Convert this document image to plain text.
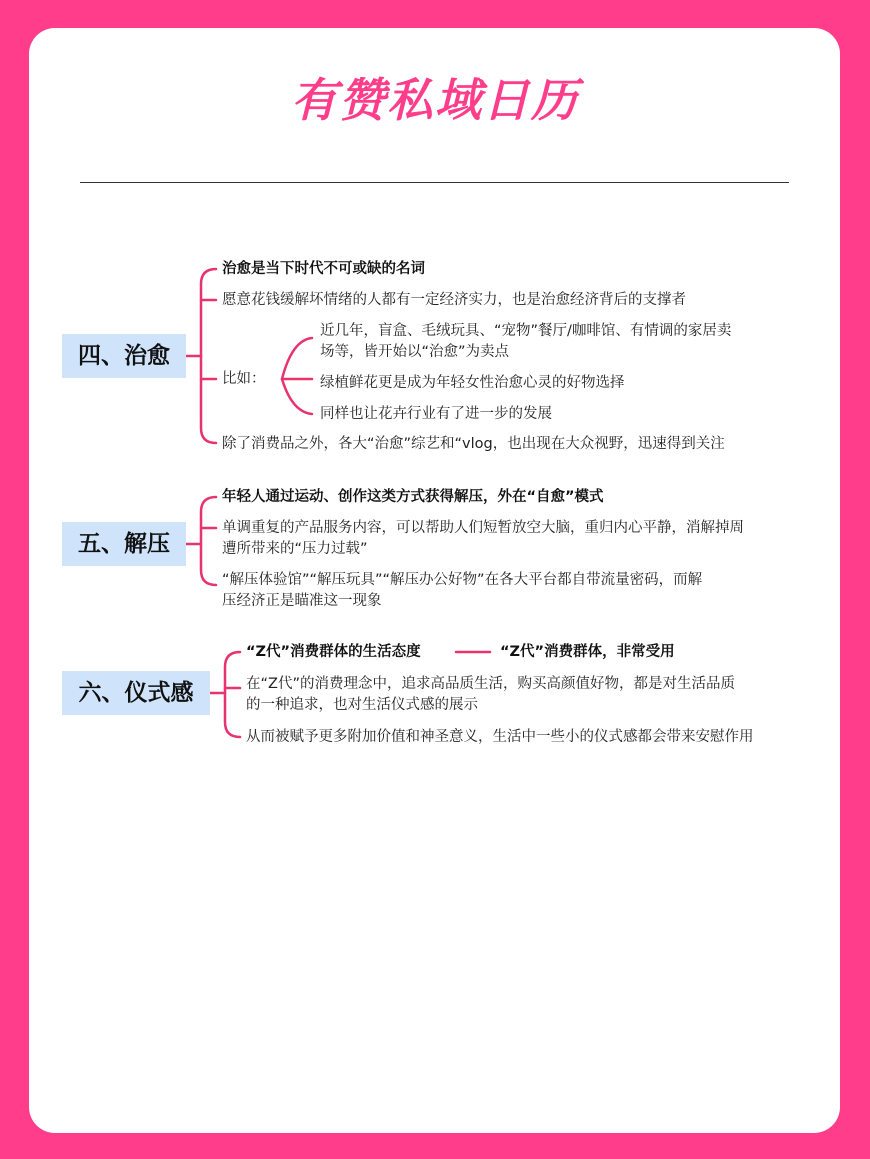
有赞私域日历
四、治愈
治愈是当下时代不可或缺的名词
愿意花钱缓解坏情绪的人都有一定经济实力，也是治愈经济背后的支撑者
比如：
近几年，盲盒、毛绒玩具、“宠物”餐厅/咖啡馆、有情调的家居卖
场等，皆开始以“治愈”为卖点
绿植鲜花更是成为年轻女性治愈心灵的好物选择
同样也让花卉行业有了进一步的发展
除了消费品之外，各大“治愈”综艺和“vlog，也出现在大众视野，迅速得到关注
五、解压
年轻人通过运动、创作这类方式获得解压，外在“自愈”模式
单调重复的产品服务内容，可以帮助人们短暂放空大脑，重归内心平静，消解掉周
遭所带来的“压力过载”
“解压体验馆”“解压玩具”“解压办公好物”在各大平台都自带流量密码，而解
压经济正是瞄准这一现象
六、仪式感
“Z代”消费群体的生活态度	“Z代”消费群体，非常受用
在“Z代”的消费理念中，追求高品质生活，购买高颜值好物，都是对生活品质
的一种追求，也对生活仪式感的展示
从而被赋予更多附加价值和神圣意义，生活中一些小的仪式感都会带来安慰作用
